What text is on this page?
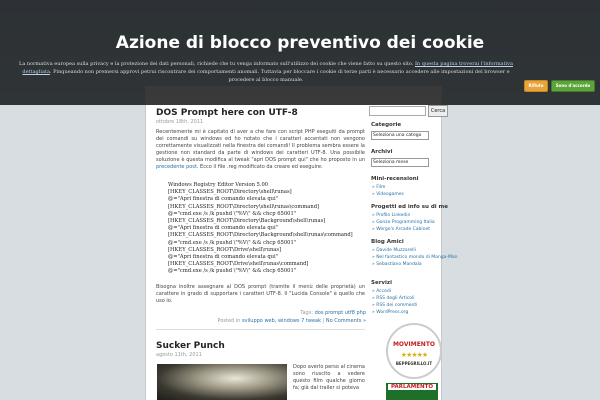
Azione di blocco preventivo dei cookie
La normativa europea sulla privacy e la protezione dei dati personali, richiede che tu venga informato sull'utilizzo dei cookie che viene fatto su questo sito. In questa pagina troverai l'informativa dettagliata. Pinqueando non premersi approvi petrui riscontrare dei comportamenti anomali. Tuttavia per bloccare i cookie di terze parti è necessario accedere alle impostazioni del browser e procedere al blocco manuale.
Rifiuto	Sono d'accordo
Cerca
DOS Prompt here con UTF-8
ottobre 18th, 2011
Recentemente mi è capitato di aver a che fare con script PHP eseguiti da prompt dei comandi su windows ed ho notato che i caratteri accentati non vengono correttamente visualizzati nella finestra dei comandi! Il problema sembra essere la gestione non standard da parte di windows dei caratteri UTF-8. Una possibile soluzione è questa modifica al tweak "apri DOS prompt qui" che ho proposto in un precedente post. Ecco il file .reg modificato da creare ed eseguire:
Windows Registry Editor Version 5.00
[HKEY_CLASSES_ROOT\Directory\shell\runas]
@="Apri finestra di comando elevata qui"
[HKEY_CLASSES_ROOT\Directory\shell\runas\command]
@="cmd.exe /s /k pushd \"%V\" && chcp 65001"
[HKEY_CLASSES_ROOT\Directory\Background\shell\runas]
@="Apri finestra di comando elevata qui"
[HKEY_CLASSES_ROOT\Directory\Background\shell\runas\command]
@="cmd.exe /s /k pushd \"%V\" && chcp 65001"
[HKEY_CLASSES_ROOT\Drive\shell\runas]
@="Apri finestra di comando elevata qui"
[HKEY_CLASSES_ROOT\Drive\shell\runas\command]
@="cmd.exe /s /k pushd \"%V\" && chcp 65001"
Bisogna inoltre assegnare al DOS prompt (tramite il menù delle proprietà) un carattere in grado di supportare i caratteri UTF-8. Il "Lucida Console" è quello che uso io.
Tags: dos prompt utf8 php
Posted in sviluppo web, windows 7 tweak | No Comments »
Sucker Punch
agosto 11th, 2011
Dopo averlo perso al cinema sono riuscito a vedere questo film qualche giorno fa; già dal trailer si poteva
Categorie
Seleziona una catego
Archivi
Seleziona mese
Mini-recensioni
» Film
» Videogames
Progetti ed info su di me
» Profilo Linkedin
» Gonzo Programming Italia
» Wergo's Arcade Cabinet
Blog Amici
» Davide Muzzarelli
» Nel fantastico mondo di Manga-Man
» Sebastiano Mandala
Servizi
» Accedi
» RSS degli Articoli
» RSS dei commenti
» WordPress.org
MOVIMENTO
★★★★★
BEPPEGRILLO.IT
PARLAMENTO
